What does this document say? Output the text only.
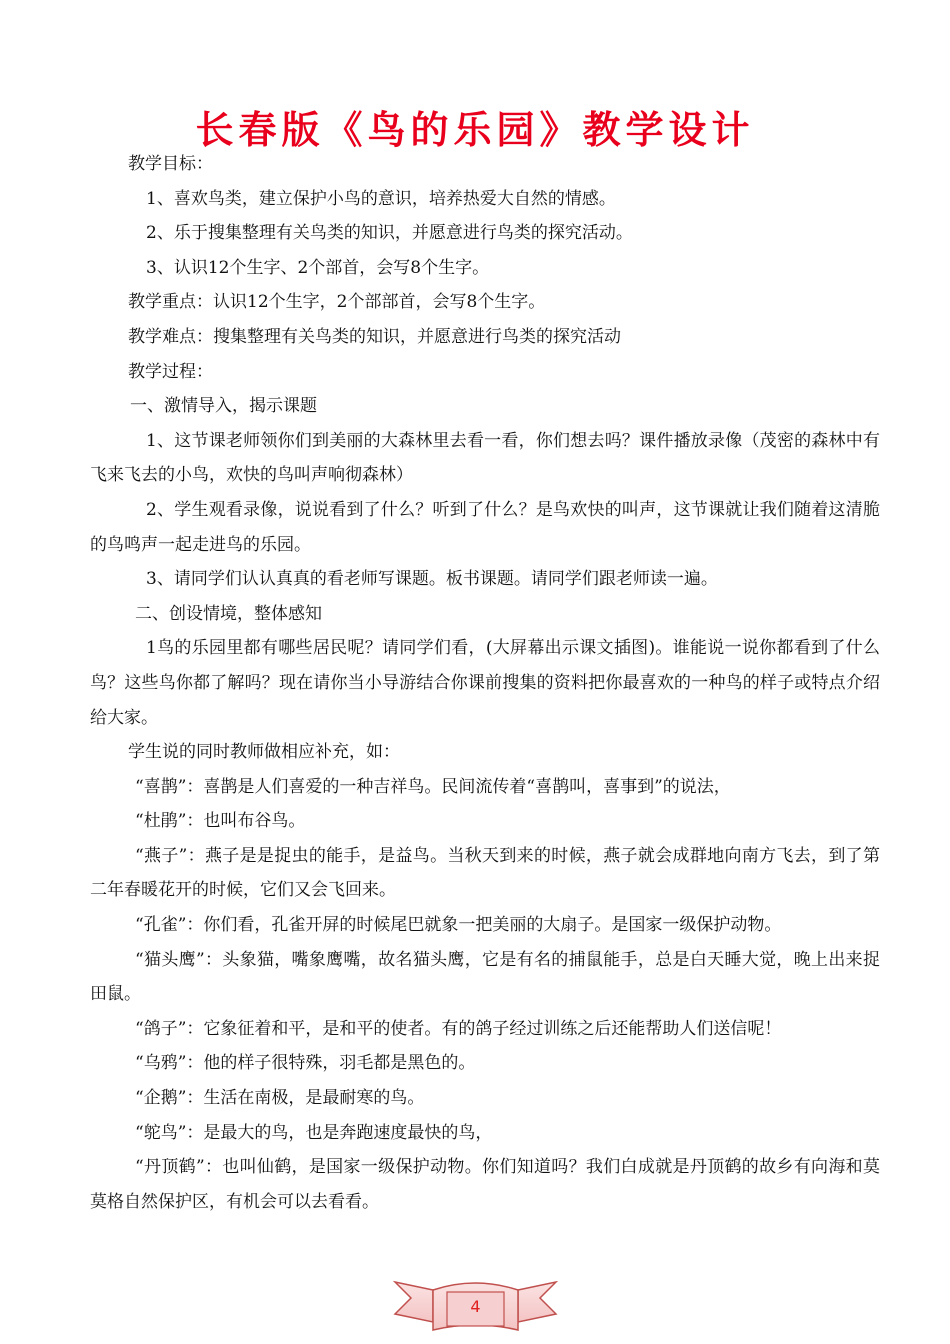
长春版《鸟的乐园》教学设计

教学目标：

1、喜欢鸟类，建立保护小鸟的意识，培养热爱大自然的情感。

2、乐于搜集整理有关鸟类的知识，并愿意进行鸟类的探究活动。

3、认识12个生字、2个部首，会写8个生字。

教学重点：认识12个生字，2个部部首，会写8个生字。

教学难点：搜集整理有关鸟类的知识，并愿意进行鸟类的探究活动

教学过程：

一、激情导入，揭示课题

1、这节课老师领你们到美丽的大森林里去看一看，你们想去吗？课件播放录像（茂密的森林中有飞来飞去的小鸟，欢快的鸟叫声响彻森林）

2、学生观看录像，说说看到了什么？听到了什么？是鸟欢快的叫声，这节课就让我们随着这清脆的鸟鸣声一起走进鸟的乐园。

3、请同学们认认真真的看老师写课题。板书课题。请同学们跟老师读一遍。

二、创设情境，整体感知

1鸟的乐园里都有哪些居民呢？请同学们看，(大屏幕出示课文插图)。谁能说一说你都看到了什么鸟？这些鸟你都了解吗？现在请你当小导游结合你课前搜集的资料把你最喜欢的一种鸟的样子或特点介绍给大家。

学生说的同时教师做相应补充，如：

“喜鹊”：喜鹊是人们喜爱的一种吉祥鸟。民间流传着“喜鹊叫，喜事到”的说法，

“杜鹃”：也叫布谷鸟。

“燕子”：燕子是是捉虫的能手，是益鸟。当秋天到来的时候，燕子就会成群地向南方飞去，到了第二年春暖花开的时候，它们又会飞回来。

“孔雀”：你们看，孔雀开屏的时候尾巴就象一把美丽的大扇子。是国家一级保护动物。

“猫头鹰”：头象猫，嘴象鹰嘴，故名猫头鹰，它是有名的捕鼠能手，总是白天睡大觉，晚上出来捉田鼠。

“鸽子”：它象征着和平，是和平的使者。有的鸽子经过训练之后还能帮助人们送信呢！

“乌鸦”：他的样子很特殊，羽毛都是黑色的。

“企鹅”：生活在南极，是最耐寒的鸟。

“鸵鸟”：是最大的鸟，也是奔跑速度最快的鸟，

“丹顶鹤”：也叫仙鹤，是国家一级保护动物。你们知道吗？我们白成就是丹顶鹤的故乡有向海和莫莫格自然保护区，有机会可以去看看。

4
